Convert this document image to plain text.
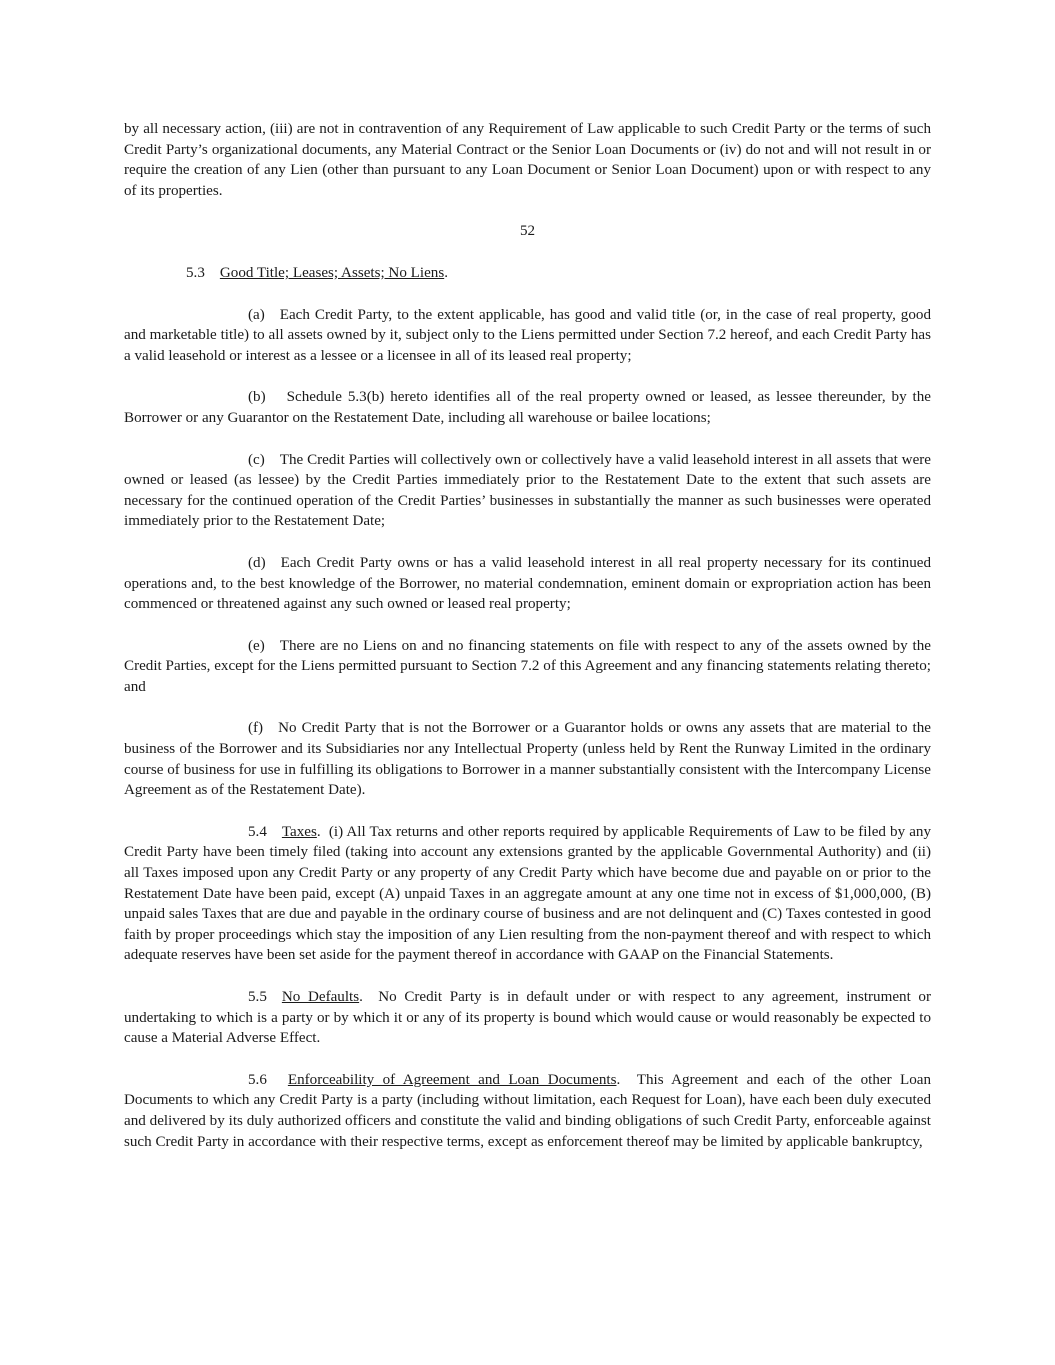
by all necessary action, (iii) are not in contravention of any Requirement of Law applicable to such Credit Party or the terms of such Credit Party’s organizational documents, any Material Contract or the Senior Loan Documents or (iv) do not and will not result in or require the creation of any Lien (other than pursuant to any Loan Document or Senior Loan Document) upon or with respect to any of its properties.

52

5.3 Good Title; Leases; Assets; No Liens.

(a) Each Credit Party, to the extent applicable, has good and valid title (or, in the case of real property, good and marketable title) to all assets owned by it, subject only to the Liens permitted under Section 7.2 hereof, and each Credit Party has a valid leasehold or interest as a lessee or a licensee in all of its leased real property;

(b) Schedule 5.3(b) hereto identifies all of the real property owned or leased, as lessee thereunder, by the Borrower or any Guarantor on the Restatement Date, including all warehouse or bailee locations;

(c) The Credit Parties will collectively own or collectively have a valid leasehold interest in all assets that were owned or leased (as lessee) by the Credit Parties immediately prior to the Restatement Date to the extent that such assets are necessary for the continued operation of the Credit Parties’ businesses in substantially the manner as such businesses were operated immediately prior to the Restatement Date;

(d) Each Credit Party owns or has a valid leasehold interest in all real property necessary for its continued operations and, to the best knowledge of the Borrower, no material condemnation, eminent domain or expropriation action has been commenced or threatened against any such owned or leased real property;

(e) There are no Liens on and no financing statements on file with respect to any of the assets owned by the Credit Parties, except for the Liens permitted pursuant to Section 7.2 of this Agreement and any financing statements relating thereto; and

(f) No Credit Party that is not the Borrower or a Guarantor holds or owns any assets that are material to the business of the Borrower and its Subsidiaries nor any Intellectual Property (unless held by Rent the Runway Limited in the ordinary course of business for use in fulfilling its obligations to Borrower in a manner substantially consistent with the Intercompany License Agreement as of the Restatement Date).

5.4 Taxes.  (i) All Tax returns and other reports required by applicable Requirements of Law to be filed by any Credit Party have been timely filed (taking into account any extensions granted by the applicable Governmental Authority) and (ii) all Taxes imposed upon any Credit Party or any property of any Credit Party which have become due and payable on or prior to the Restatement Date have been paid, except (A) unpaid Taxes in an aggregate amount at any one time not in excess of $1,000,000, (B) unpaid sales Taxes that are due and payable in the ordinary course of business and are not delinquent and (C) Taxes contested in good faith by proper proceedings which stay the imposition of any Lien resulting from the non-payment thereof and with respect to which adequate reserves have been set aside for the payment thereof in accordance with GAAP on the Financial Statements.

5.5 No Defaults.  No Credit Party is in default under or with respect to any agreement, instrument or undertaking to which is a party or by which it or any of its property is bound which would cause or would reasonably be expected to cause a Material Adverse Effect.

5.6 Enforceability of Agreement and Loan Documents.  This Agreement and each of the other Loan Documents to which any Credit Party is a party (including without limitation, each Request for Loan), have each been duly executed and delivered by its duly authorized officers and constitute the valid and binding obligations of such Credit Party, enforceable against such Credit Party in accordance with their respective terms, except as enforcement thereof may be limited by applicable bankruptcy,
